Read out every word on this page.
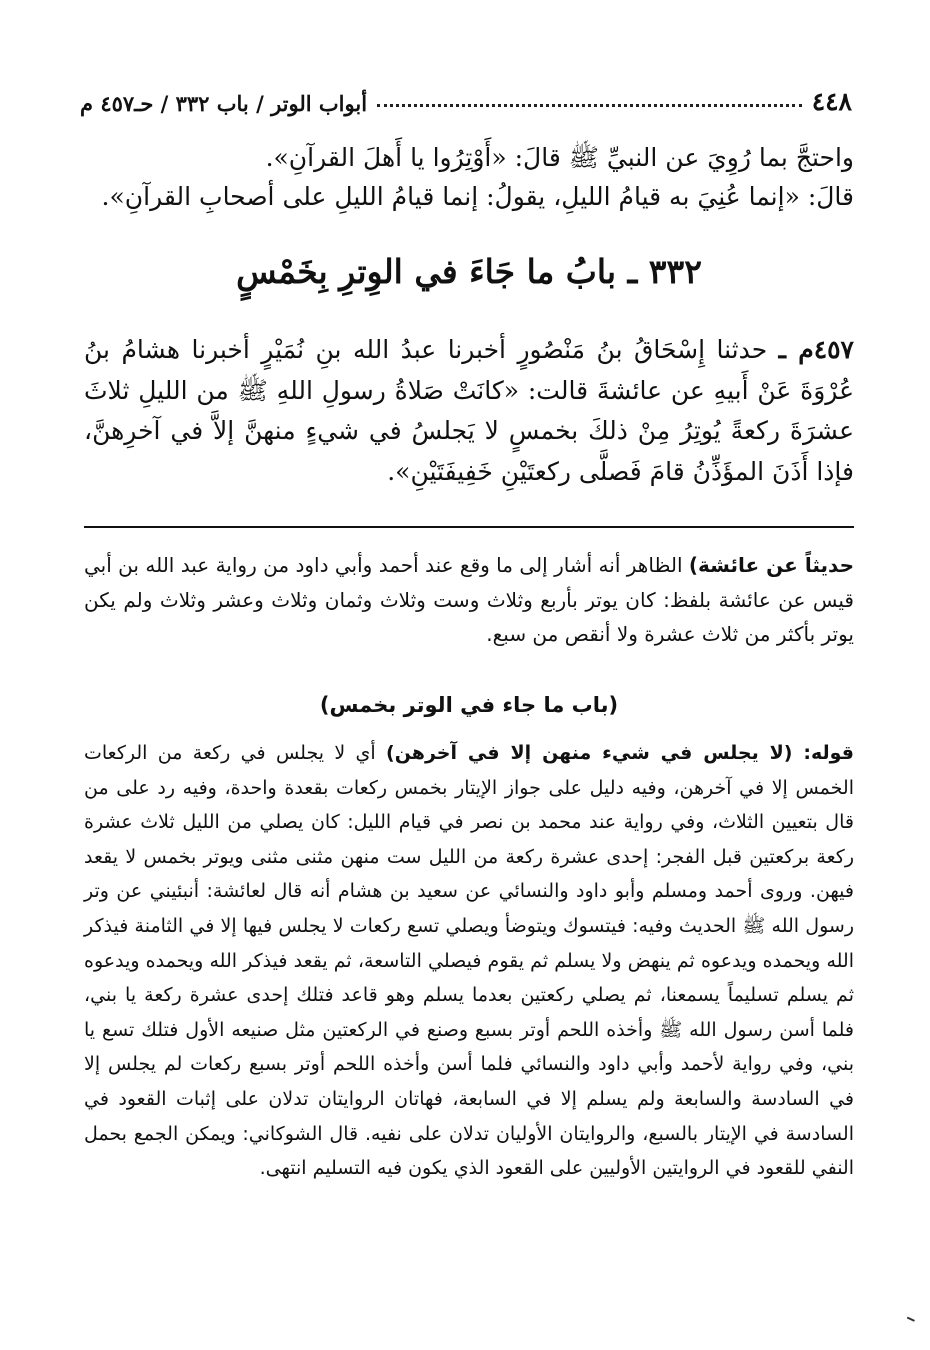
٤٤٨
أبواب الوتر / باب ٣٣٢ / حـ٤٥٧ م

واحتجَّ بما رُوِيَ عن النبيِّ ﷺ قالَ: «أَوْتِرُوا يا أَهلَ القرآنِ».

قالَ: «إنما عُنِيَ به قيامُ الليلِ، يقولُ: إنما قيامُ الليلِ على أصحابِ القرآنِ».

٣٣٢ ـ بابُ ما جَاءَ في الوِترِ بِخَمْسٍ
٤٥٧م ـ حدثنا إِسْحَاقُ بنُ مَنْصُورٍ أخبرنا عبدُ الله بنِ نُمَيْرٍ أخبرنا هشامُ بنُ عُرْوَةَ عَنْ أَبيهِ عن عائشةَ قالت: «كانَتْ صَلاةُ رسولِ اللهِ ﷺ من الليلِ ثلاثَ عشرَةَ ركعةً يُوتِرُ مِنْ ذلكَ بخمسٍ لا يَجلسُ في شيءٍ منهنَّ إلاَّ في آخرِهنَّ، فإذا أَذَنَ المؤَذِّنُ قامَ فَصلَّى ركعتَيْنِ خَفِيفَتَيْنِ».

حديثاً عن عائشة) الظاهر أنه أشار إلى ما وقع عند أحمد وأبي داود من رواية عبد الله بن أبي قيس عن عائشة بلفظ: كان يوتر بأربع وثلاث وست وثلاث وثمان وثلاث وعشر وثلاث ولم يكن يوتر بأكثر من ثلاث عشرة ولا أنقص من سبع.

(باب ما جاء في الوتر بخمس)

قوله: (لا يجلس في شيء منهن إلا في آخرهن) أي لا يجلس في ركعة من الركعات الخمس إلا في آخرهن، وفيه دليل على جواز الإيتار بخمس ركعات بقعدة واحدة، وفيه رد على من قال بتعيين الثلاث، وفي رواية عند محمد بن نصر في قيام الليل: كان يصلي من الليل ثلاث عشرة ركعة بركعتين قبل الفجر: إحدى عشرة ركعة من الليل ست منهن مثنى مثنى ويوتر بخمس لا يقعد فيهن. وروى أحمد ومسلم وأبو داود والنسائي عن سعيد بن هشام أنه قال لعائشة: أنبئيني عن وتر رسول الله ﷺ الحديث وفيه: فيتسوك ويتوضأ ويصلي تسع ركعات لا يجلس فيها إلا في الثامنة فيذكر الله ويحمده ويدعوه ثم ينهض ولا يسلم ثم يقوم فيصلي التاسعة، ثم يقعد فيذكر الله ويحمده ويدعوه ثم يسلم تسليماً يسمعنا، ثم يصلي ركعتين بعدما يسلم وهو قاعد فتلك إحدى عشرة ركعة يا بني، فلما أسن رسول الله ﷺ وأخذه اللحم أوتر بسبع وصنع في الركعتين مثل صنيعه الأول فتلك تسع يا بني، وفي رواية لأحمد وأبي داود والنسائي فلما أسن وأخذه اللحم أوتر بسبع ركعات لم يجلس إلا في السادسة والسابعة ولم يسلم إلا في السابعة، فهاتان الروايتان تدلان على إثبات القعود في السادسة في الإيتار بالسبع، والروايتان الأوليان تدلان على نفيه. قال الشوكاني: ويمكن الجمع بحمل النفي للقعود في الروايتين الأوليين على القعود الذي يكون فيه التسليم انتهى.
